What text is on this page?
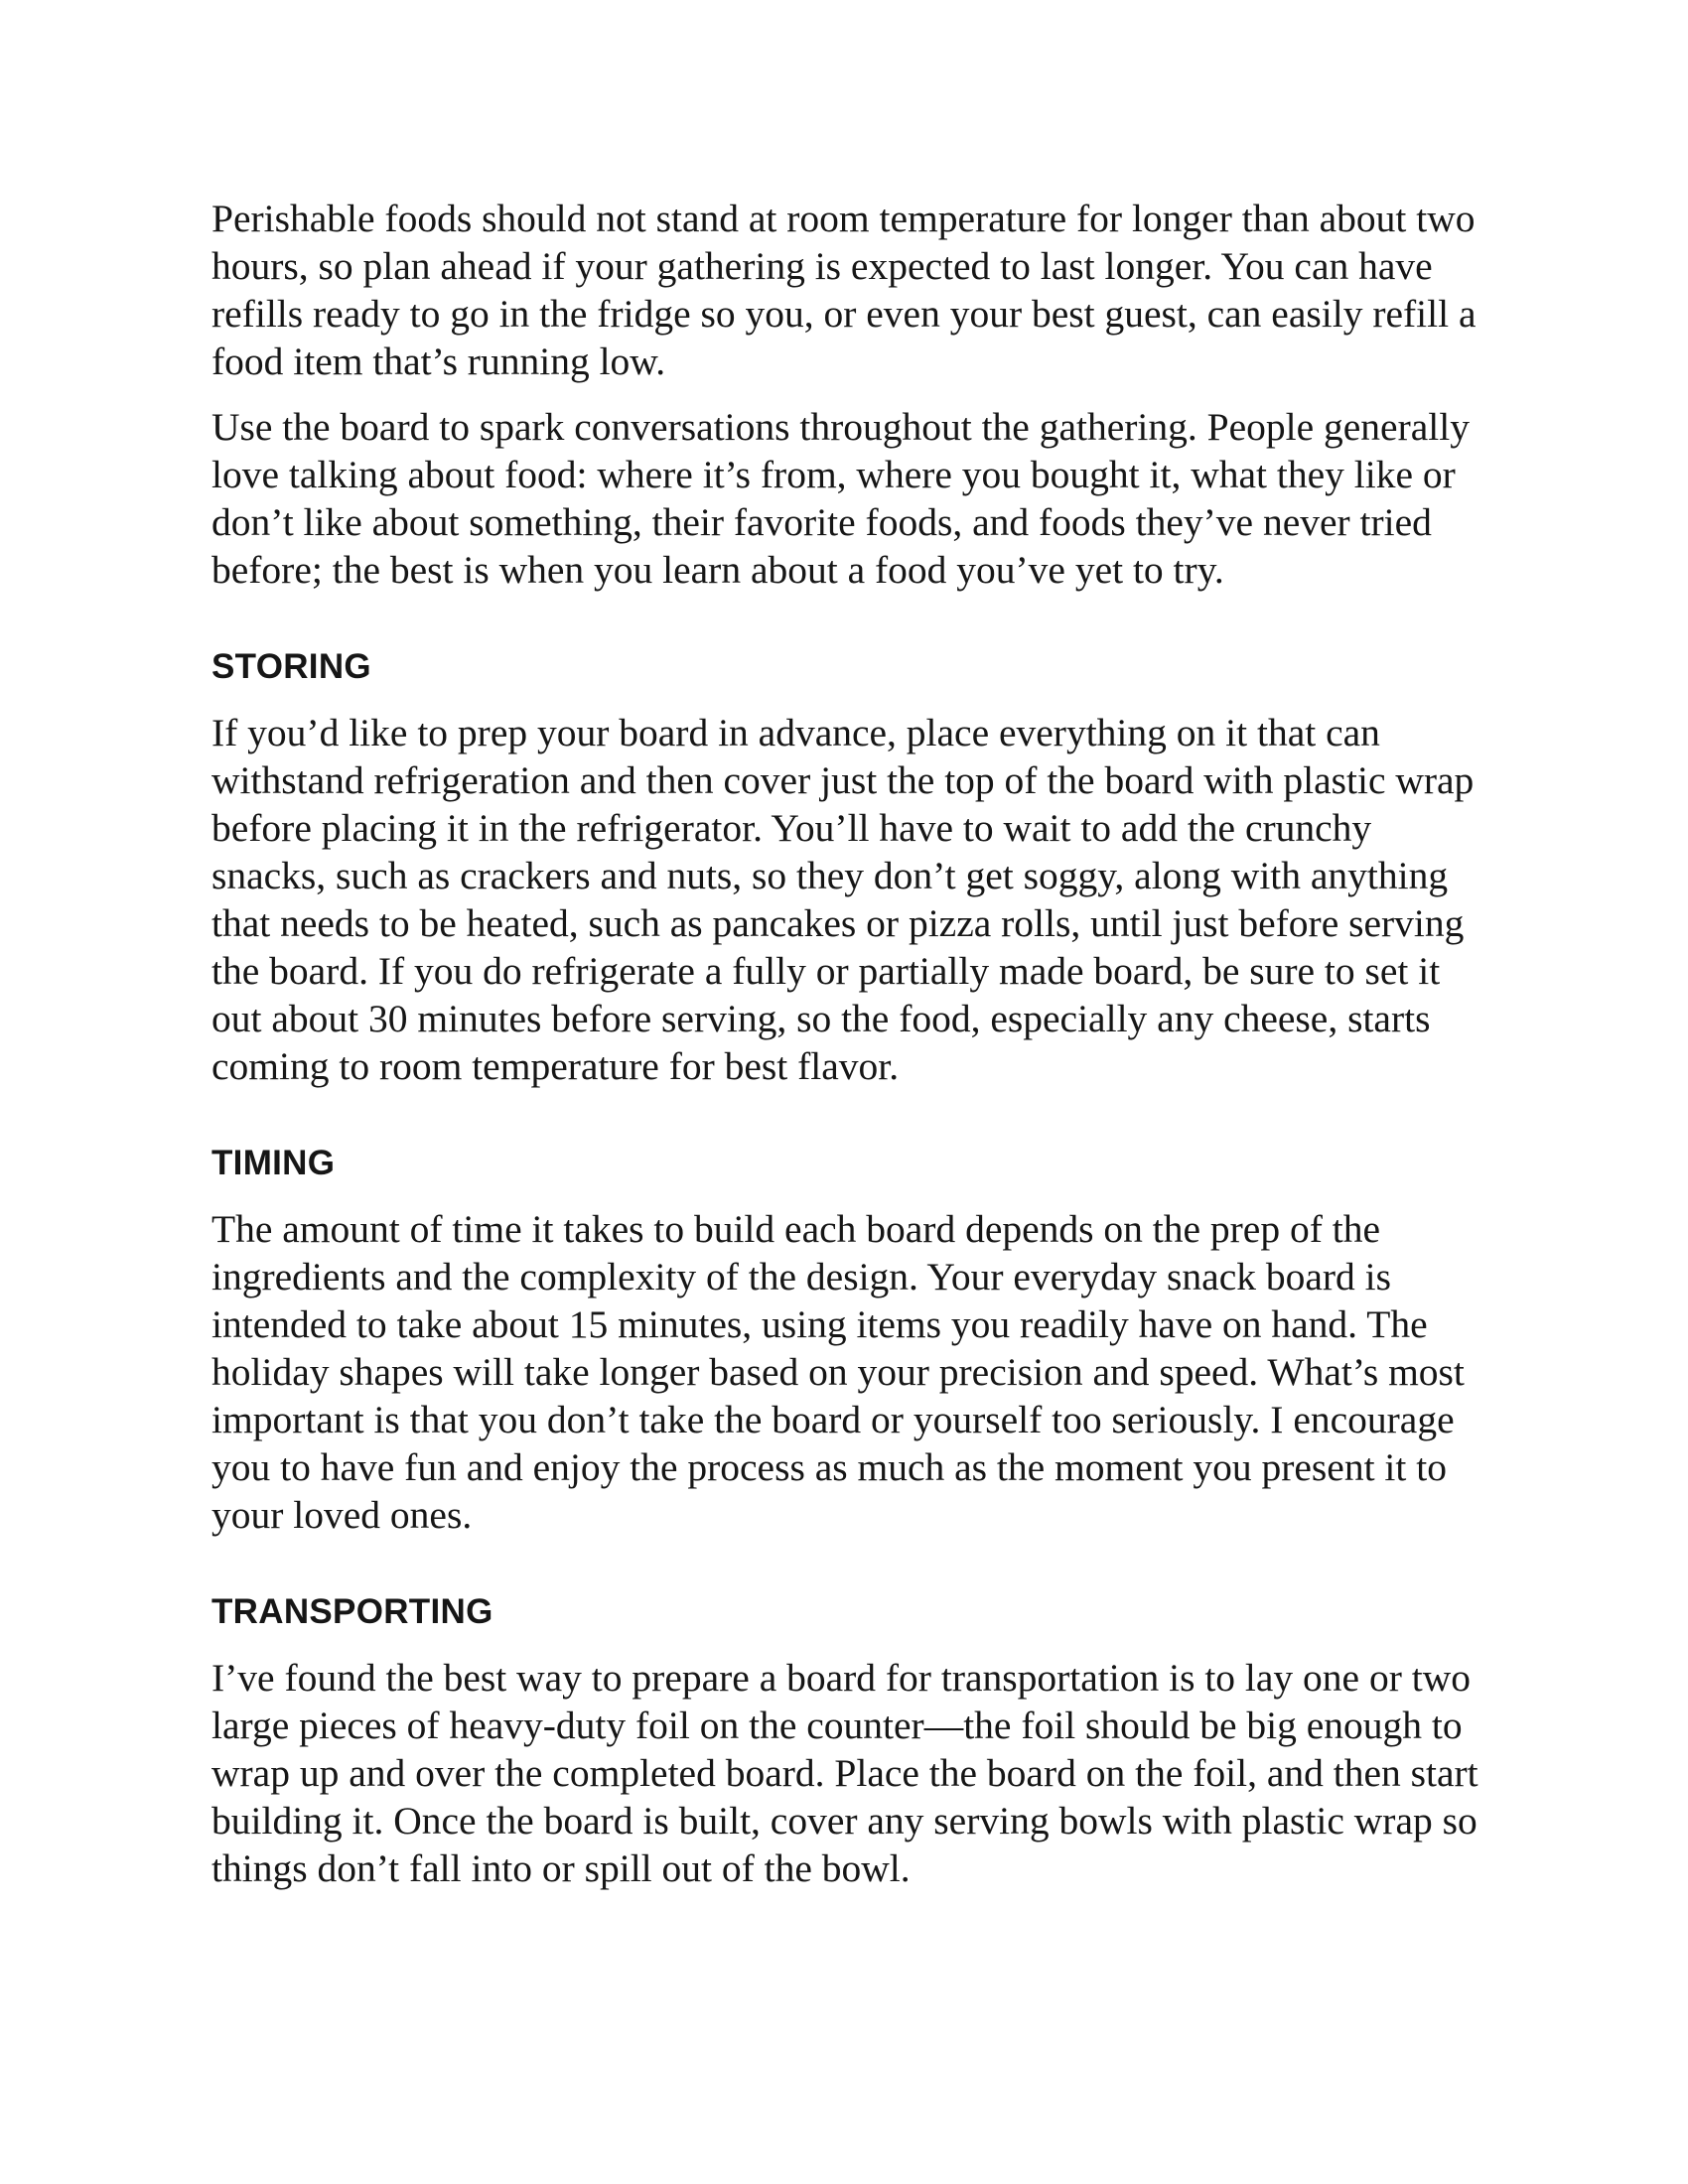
Perishable foods should not stand at room temperature for longer than about two hours, so plan ahead if your gathering is expected to last longer. You can have refills ready to go in the fridge so you, or even your best guest, can easily refill a food item that’s running low.

Use the board to spark conversations throughout the gathering. People generally love talking about food: where it’s from, where you bought it, what they like or don’t like about something, their favorite foods, and foods they’ve never tried before; the best is when you learn about a food you’ve yet to try.

STORING

If you’d like to prep your board in advance, place everything on it that can withstand refrigeration and then cover just the top of the board with plastic wrap before placing it in the refrigerator. You’ll have to wait to add the crunchy snacks, such as crackers and nuts, so they don’t get soggy, along with anything that needs to be heated, such as pancakes or pizza rolls, until just before serving the board. If you do refrigerate a fully or partially made board, be sure to set it out about 30 minutes before serving, so the food, especially any cheese, starts coming to room temperature for best flavor.

TIMING

The amount of time it takes to build each board depends on the prep of the ingredients and the complexity of the design. Your everyday snack board is intended to take about 15 minutes, using items you readily have on hand. The holiday shapes will take longer based on your precision and speed. What’s most important is that you don’t take the board or yourself too seriously. I encourage you to have fun and enjoy the process as much as the moment you present it to your loved ones.

TRANSPORTING

I’ve found the best way to prepare a board for transportation is to lay one or two large pieces of heavy-duty foil on the counter—the foil should be big enough to wrap up and over the completed board. Place the board on the foil, and then start building it. Once the board is built, cover any serving bowls with plastic wrap so things don’t fall into or spill out of the bowl.
